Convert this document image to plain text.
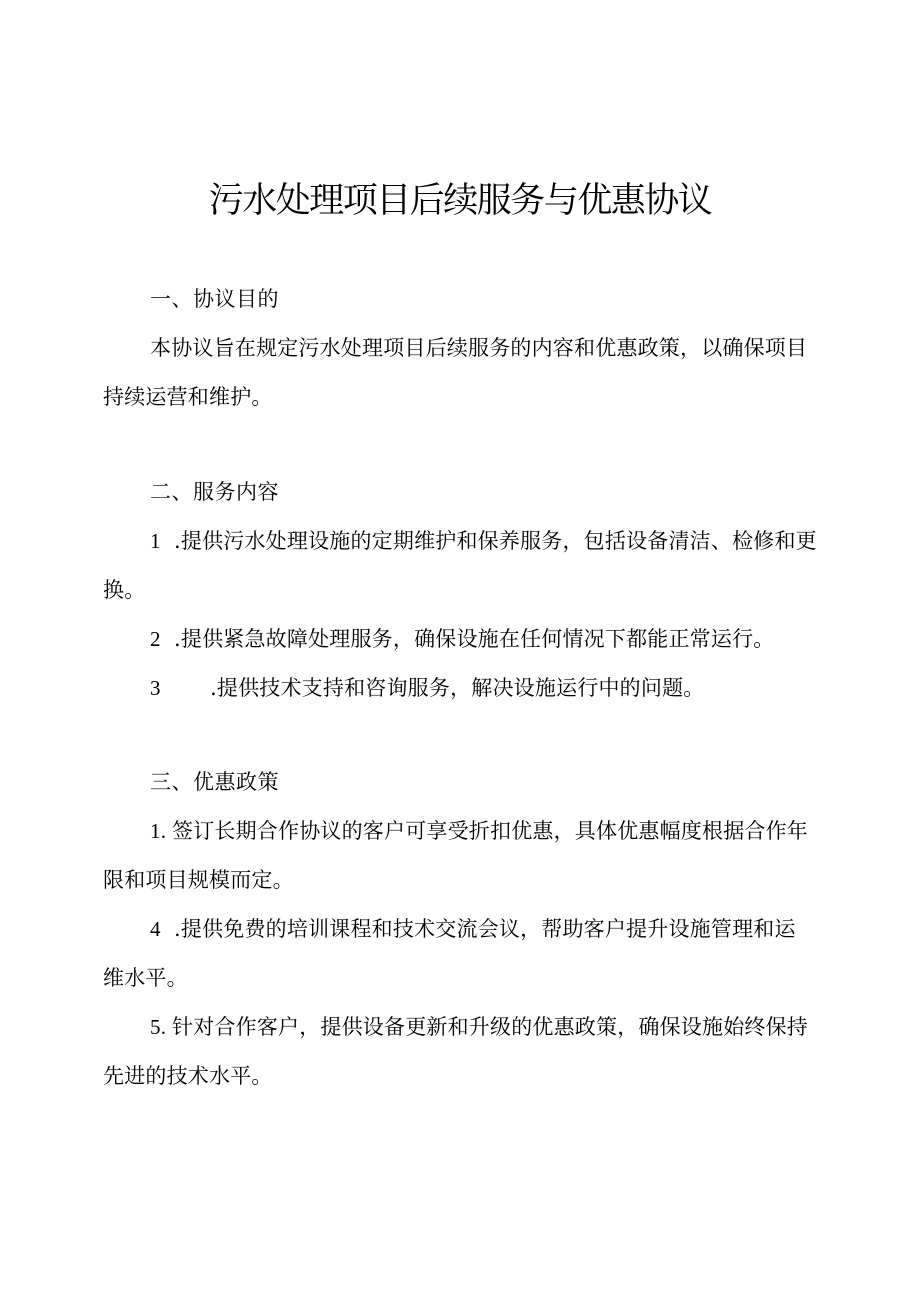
污水处理项目后续服务与优惠协议

一、协议目的

本协议旨在规定污水处理项目后续服务的内容和优惠政策，以确保项目

持续运营和维护。

二、服务内容

1 .提供污水处理设施的定期维护和保养服务，包括设备清洁、检修和更

换。

2 .提供紧急故障处理服务，确保设施在任何情况下都能正常运行。

3 .提供技术支持和咨询服务，解决设施运行中的问题。

三、优惠政策

1. 签订长期合作协议的客户可享受折扣优惠，具体优惠幅度根据合作年

限和项目规模而定。

4 .提供免费的培训课程和技术交流会议，帮助客户提升设施管理和运

维水平。

5. 针对合作客户，提供设备更新和升级的优惠政策，确保设施始终保持

先进的技术水平。
